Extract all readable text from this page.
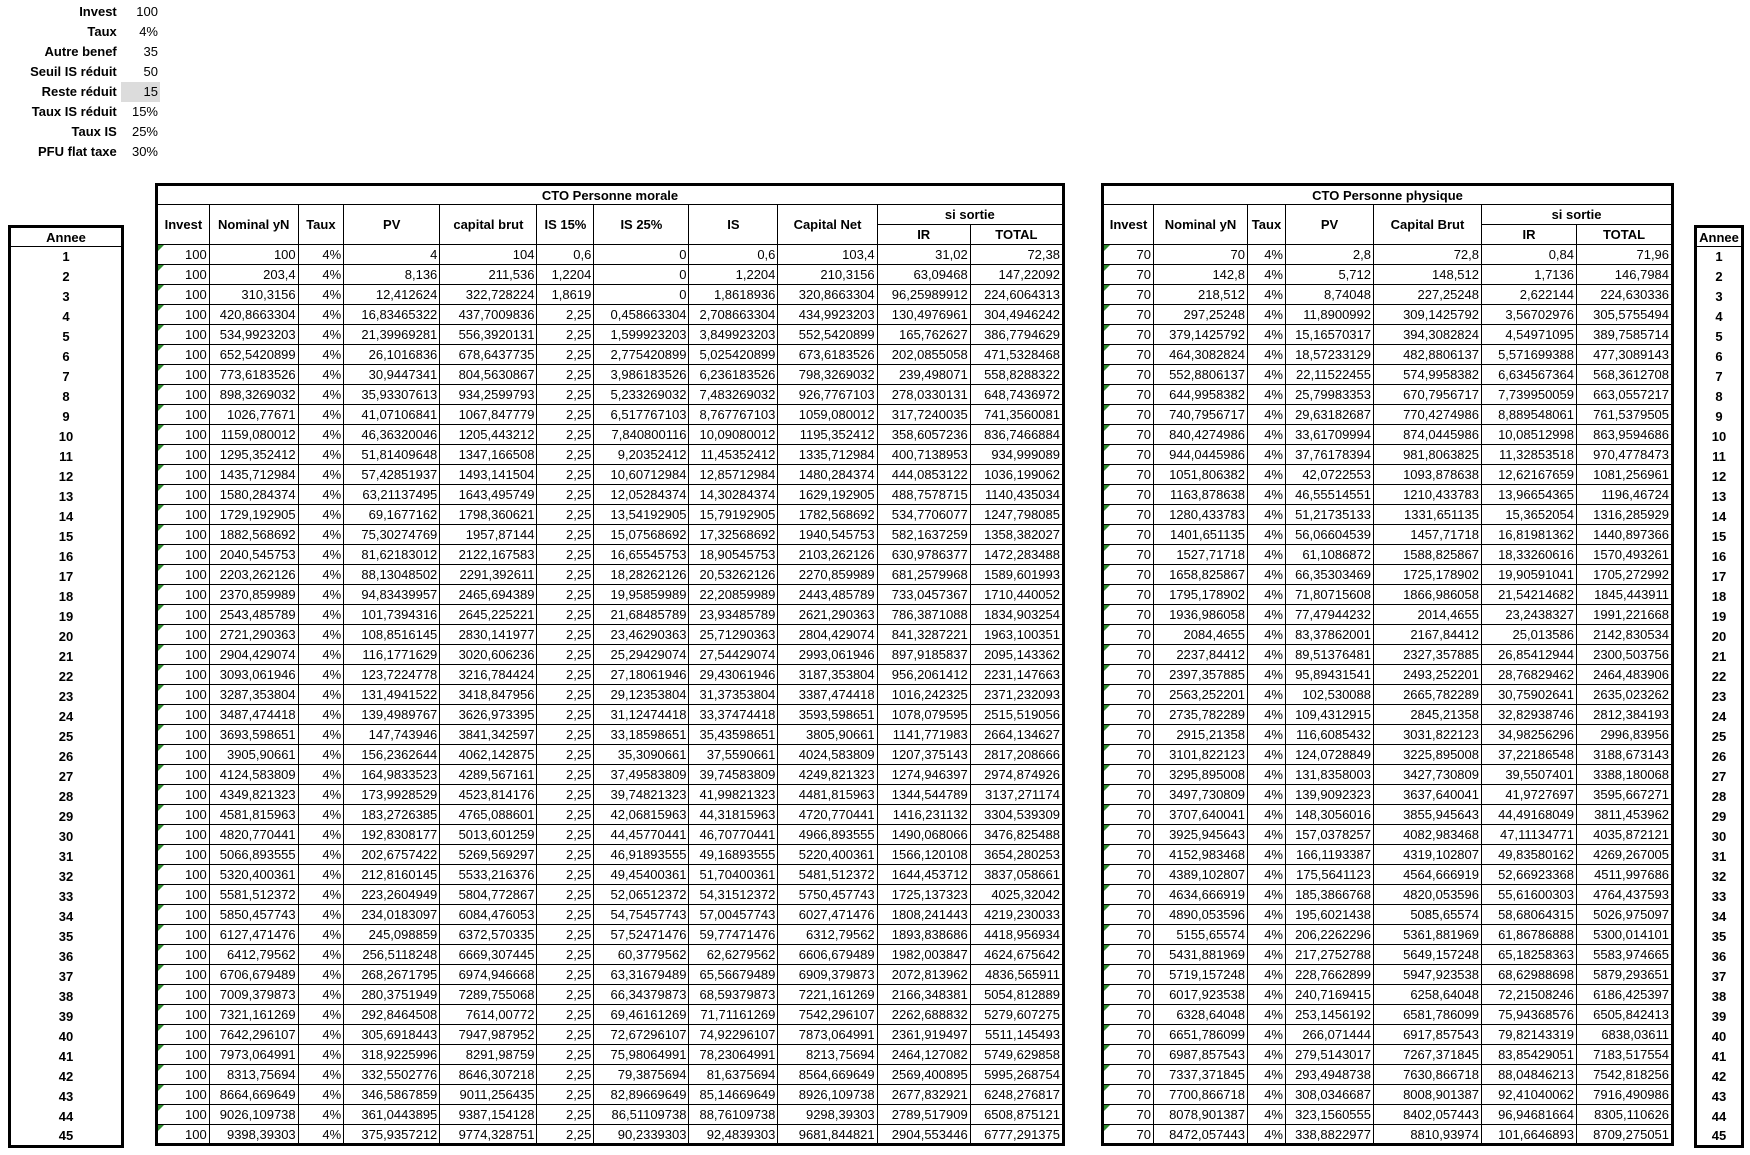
Invest	100
Taux	4%
Autre benef	35
Seuil IS réduit	50
Reste réduit	15
Taux IS réduit	15%
Taux IS	25%
PFU flat taxe	30%
Annee
1
2
3
4
5
6
7
8
9
10
11
12
13
14
15
16
17
18
19
20
21
22
23
24
25
26
27
28
29
30
31
32
33
34
35
36
37
38
39
40
41
42
43
44
45
CTO Personne morale										
Invest	Nominal yN	Taux	PV	capital brut	IS 15%	IS 25%	IS	Capital Net	si sortie	
									IR	TOTAL
100	100	4%	4	104	0,6	0	0,6	103,4	31,02	72,38
100	203,4	4%	8,136	211,536	1,2204	0	1,2204	210,3156	63,09468	147,22092
100	310,3156	4%	12,412624	322,728224	1,8619	0	1,8618936	320,8663304	96,25989912	224,6064313
100	420,8663304	4%	16,83465322	437,7009836	2,25	0,458663304	2,708663304	434,9923203	130,4976961	304,4946242
100	534,9923203	4%	21,39969281	556,3920131	2,25	1,599923203	3,849923203	552,5420899	165,762627	386,7794629
100	652,5420899	4%	26,1016836	678,6437735	2,25	2,775420899	5,025420899	673,6183526	202,0855058	471,5328468
100	773,6183526	4%	30,9447341	804,5630867	2,25	3,986183526	6,236183526	798,3269032	239,498071	558,8288322
100	898,3269032	4%	35,93307613	934,2599793	2,25	5,233269032	7,483269032	926,7767103	278,0330131	648,7436972
100	1026,77671	4%	41,07106841	1067,847779	2,25	6,517767103	8,767767103	1059,080012	317,7240035	741,3560081
100	1159,080012	4%	46,36320046	1205,443212	2,25	7,840800116	10,09080012	1195,352412	358,6057236	836,7466884
100	1295,352412	4%	51,81409648	1347,166508	2,25	9,20352412	11,45352412	1335,712984	400,7138953	934,999089
100	1435,712984	4%	57,42851937	1493,141504	2,25	10,60712984	12,85712984	1480,284374	444,0853122	1036,199062
100	1580,284374	4%	63,21137495	1643,495749	2,25	12,05284374	14,30284374	1629,192905	488,7578715	1140,435034
100	1729,192905	4%	69,1677162	1798,360621	2,25	13,54192905	15,79192905	1782,568692	534,7706077	1247,798085
100	1882,568692	4%	75,30274769	1957,87144	2,25	15,07568692	17,32568692	1940,545753	582,1637259	1358,382027
100	2040,545753	4%	81,62183012	2122,167583	2,25	16,65545753	18,90545753	2103,262126	630,9786377	1472,283488
100	2203,262126	4%	88,13048502	2291,392611	2,25	18,28262126	20,53262126	2270,859989	681,2579968	1589,601993
100	2370,859989	4%	94,83439957	2465,694389	2,25	19,95859989	22,20859989	2443,485789	733,0457367	1710,440052
100	2543,485789	4%	101,7394316	2645,225221	2,25	21,68485789	23,93485789	2621,290363	786,3871088	1834,903254
100	2721,290363	4%	108,8516145	2830,141977	2,25	23,46290363	25,71290363	2804,429074	841,3287221	1963,100351
100	2904,429074	4%	116,1771629	3020,606236	2,25	25,29429074	27,54429074	2993,061946	897,9185837	2095,143362
100	3093,061946	4%	123,7224778	3216,784424	2,25	27,18061946	29,43061946	3187,353804	956,2061412	2231,147663
100	3287,353804	4%	131,4941522	3418,847956	2,25	29,12353804	31,37353804	3387,474418	1016,242325	2371,232093
100	3487,474418	4%	139,4989767	3626,973395	2,25	31,12474418	33,37474418	3593,598651	1078,079595	2515,519056
100	3693,598651	4%	147,743946	3841,342597	2,25	33,18598651	35,43598651	3805,90661	1141,771983	2664,134627
100	3905,90661	4%	156,2362644	4062,142875	2,25	35,3090661	37,5590661	4024,583809	1207,375143	2817,208666
100	4124,583809	4%	164,9833523	4289,567161	2,25	37,49583809	39,74583809	4249,821323	1274,946397	2974,874926
100	4349,821323	4%	173,9928529	4523,814176	2,25	39,74821323	41,99821323	4481,815963	1344,544789	3137,271174
100	4581,815963	4%	183,2726385	4765,088601	2,25	42,06815963	44,31815963	4720,770441	1416,231132	3304,539309
100	4820,770441	4%	192,8308177	5013,601259	2,25	44,45770441	46,70770441	4966,893555	1490,068066	3476,825488
100	5066,893555	4%	202,6757422	5269,569297	2,25	46,91893555	49,16893555	5220,400361	1566,120108	3654,280253
100	5320,400361	4%	212,8160145	5533,216376	2,25	49,45400361	51,70400361	5481,512372	1644,453712	3837,058661
100	5581,512372	4%	223,2604949	5804,772867	2,25	52,06512372	54,31512372	5750,457743	1725,137323	4025,32042
100	5850,457743	4%	234,0183097	6084,476053	2,25	54,75457743	57,00457743	6027,471476	1808,241443	4219,230033
100	6127,471476	4%	245,098859	6372,570335	2,25	57,52471476	59,77471476	6312,79562	1893,838686	4418,956934
100	6412,79562	4%	256,5118248	6669,307445	2,25	60,3779562	62,6279562	6606,679489	1982,003847	4624,675642
100	6706,679489	4%	268,2671795	6974,946668	2,25	63,31679489	65,56679489	6909,379873	2072,813962	4836,565911
100	7009,379873	4%	280,3751949	7289,755068	2,25	66,34379873	68,59379873	7221,161269	2166,348381	5054,812889
100	7321,161269	4%	292,8464508	7614,00772	2,25	69,46161269	71,71161269	7542,296107	2262,688832	5279,607275
100	7642,296107	4%	305,6918443	7947,987952	2,25	72,67296107	74,92296107	7873,064991	2361,919497	5511,145493
100	7973,064991	4%	318,9225996	8291,98759	2,25	75,98064991	78,23064991	8213,75694	2464,127082	5749,629858
100	8313,75694	4%	332,5502776	8646,307218	2,25	79,3875694	81,6375694	8564,669649	2569,400895	5995,268754
100	8664,669649	4%	346,5867859	9011,256435	2,25	82,89669649	85,14669649	8926,109738	2677,832921	6248,276817
100	9026,109738	4%	361,0443895	9387,154128	2,25	86,51109738	88,76109738	9298,39303	2789,517909	6508,875121
100	9398,39303	4%	375,9357212	9774,328751	2,25	90,2339303	92,4839303	9681,844821	2904,553446	6777,291375
CTO Personne physique						
Invest	Nominal yN	Taux	PV	Capital Brut	si sortie	
					IR	TOTAL
70	70	4%	2,8	72,8	0,84	71,96
70	142,8	4%	5,712	148,512	1,7136	146,7984
70	218,512	4%	8,74048	227,25248	2,622144	224,630336
70	297,25248	4%	11,8900992	309,1425792	3,56702976	305,5755494
70	379,1425792	4%	15,16570317	394,3082824	4,54971095	389,7585714
70	464,3082824	4%	18,57233129	482,8806137	5,571699388	477,3089143
70	552,8806137	4%	22,11522455	574,9958382	6,634567364	568,3612708
70	644,9958382	4%	25,79983353	670,7956717	7,739950059	663,0557217
70	740,7956717	4%	29,63182687	770,4274986	8,889548061	761,5379505
70	840,4274986	4%	33,61709994	874,0445986	10,08512998	863,9594686
70	944,0445986	4%	37,76178394	981,8063825	11,32853518	970,4778473
70	1051,806382	4%	42,0722553	1093,878638	12,62167659	1081,256961
70	1163,878638	4%	46,55514551	1210,433783	13,96654365	1196,46724
70	1280,433783	4%	51,21735133	1331,651135	15,3652054	1316,285929
70	1401,651135	4%	56,06604539	1457,71718	16,81981362	1440,897366
70	1527,71718	4%	61,1086872	1588,825867	18,33260616	1570,493261
70	1658,825867	4%	66,35303469	1725,178902	19,90591041	1705,272992
70	1795,178902	4%	71,80715608	1866,986058	21,54214682	1845,443911
70	1936,986058	4%	77,47944232	2014,4655	23,2438327	1991,221668
70	2084,4655	4%	83,37862001	2167,84412	25,013586	2142,830534
70	2237,84412	4%	89,51376481	2327,357885	26,85412944	2300,503756
70	2397,357885	4%	95,89431541	2493,252201	28,76829462	2464,483906
70	2563,252201	4%	102,530088	2665,782289	30,75902641	2635,023262
70	2735,782289	4%	109,4312915	2845,21358	32,82938746	2812,384193
70	2915,21358	4%	116,6085432	3031,822123	34,98256296	2996,83956
70	3101,822123	4%	124,0728849	3225,895008	37,22186548	3188,673143
70	3295,895008	4%	131,8358003	3427,730809	39,5507401	3388,180068
70	3497,730809	4%	139,9092323	3637,640041	41,9727697	3595,667271
70	3707,640041	4%	148,3056016	3855,945643	44,49168049	3811,453962
70	3925,945643	4%	157,0378257	4082,983468	47,11134771	4035,872121
70	4152,983468	4%	166,1193387	4319,102807	49,83580162	4269,267005
70	4389,102807	4%	175,5641123	4564,666919	52,66923368	4511,997686
70	4634,666919	4%	185,3866768	4820,053596	55,61600303	4764,437593
70	4890,053596	4%	195,6021438	5085,65574	58,68064315	5026,975097
70	5155,65574	4%	206,2262296	5361,881969	61,86786888	5300,014101
70	5431,881969	4%	217,2752788	5649,157248	65,18258363	5583,974665
70	5719,157248	4%	228,7662899	5947,923538	68,62988698	5879,293651
70	6017,923538	4%	240,7169415	6258,64048	72,21508246	6186,425397
70	6328,64048	4%	253,1456192	6581,786099	75,94368576	6505,842413
70	6651,786099	4%	266,071444	6917,857543	79,82143319	6838,03611
70	6987,857543	4%	279,5143017	7267,371845	83,85429051	7183,517554
70	7337,371845	4%	293,4948738	7630,866718	88,04846213	7542,818256
70	7700,866718	4%	308,0346687	8008,901387	92,41040062	7916,490986
70	8078,901387	4%	323,1560555	8402,057443	96,94681664	8305,110626
70	8472,057443	4%	338,8822977	8810,93974	101,6646893	8709,275051
Annee
1
2
3
4
5
6
7
8
9
10
11
12
13
14
15
16
17
18
19
20
21
22
23
24
25
26
27
28
29
30
31
32
33
34
35
36
37
38
39
40
41
42
43
44
45
